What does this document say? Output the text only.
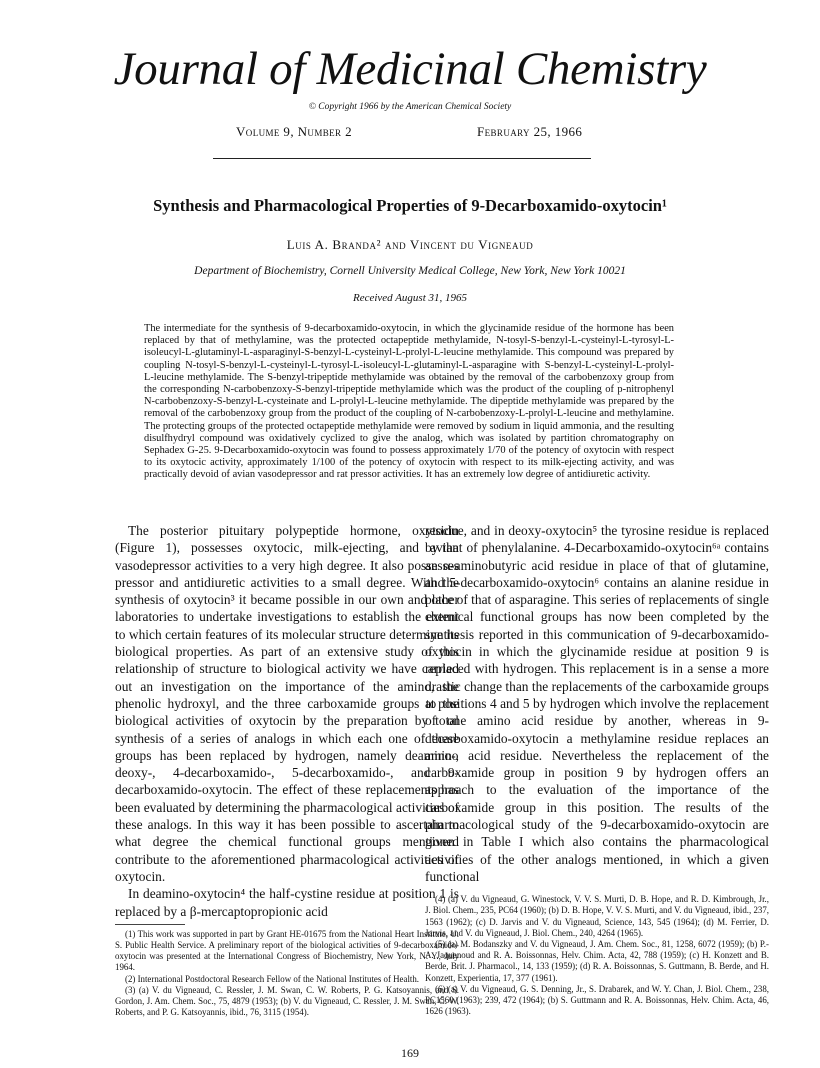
Journal of Medicinal Chemistry
© Copyright 1966 by the American Chemical Society
Volume 9, Number 2	February 25, 1966
Synthesis and Pharmacological Properties of 9-Decarboxamido-oxytocin¹
Luis A. Branda² and Vincent du Vigneaud
Department of Biochemistry, Cornell University Medical College, New York, New York 10021
Received August 31, 1965

The intermediate for the synthesis of 9-decarboxamido-oxytocin, in which the glycinamide residue of the hormone has been replaced by that of methylamine, was the protected octapeptide methylamide, N-tosyl-S-benzyl-L-cysteinyl-L-tyrosyl-L-isoleucyl-L-glutaminyl-L-asparaginyl-S-benzyl-L-cysteinyl-L-prolyl-L-leucine methylamide. This compound was prepared by coupling N-tosyl-S-benzyl-L-cysteinyl-L-tyrosyl-L-isoleucyl-L-glutaminyl-L-asparagine with S-benzyl-L-cysteinyl-L-prolyl-L-leucine methylamide. The S-benzyl-tripeptide methylamide was obtained by the removal of the carbobenzoxy group from the corresponding N-carbobenzoxy-S-benzyl-tripeptide methylamide which was the product of the coupling of p-nitrophenyl N-carbobenzoxy-S-benzyl-L-cysteinate and L-prolyl-L-leucine methylamide. The dipeptide methylamide was prepared by the removal of the carbobenzoxy group from the product of the coupling of N-carbobenzoxy-L-prolyl-L-leucine and methylamine. The protecting groups of the protected octapeptide methylamide were removed by sodium in liquid ammonia, and the resulting disulfhydryl compound was oxidatively cyclized to give the analog, which was isolated by partition chromatography on Sephadex G-25. 9-Decarboxamido-oxytocin was found to possess approximately 1/70 of the potency of oxytocin with respect to its oxytocic activity, approximately 1/100 of the potency of oxytocin with respect to its milk-ejecting activity, and was practically devoid of avian vasodepressor and rat pressor activities. It has an extremely low degree of antidiuretic activity.

The posterior pituitary polypeptide hormone, oxytocin (Figure 1), possesses oxytocic, milk-ejecting, and avian vasodepressor activities to a very high degree. It also possesses pressor and antidiuretic activities to a small degree. With the synthesis of oxytocin³ it became possible in our own and other laboratories to undertake investigations to establish the extent to which certain features of its molecular structure determine its biological properties. As part of an extensive study of this relationship of structure to biological activity we have carried out an investigation on the importance of the amino, the phenolic hydroxyl, and the three carboxamide groups to the biological activities of oxytocin by the preparation by total synthesis of a series of analogs in which each one of these groups has been replaced by hydrogen, namely deamino-, deoxy-, 4-decarboxamido-, 5-decarboxamido-, and 9-decarboxamido-oxytocin. The effect of these replacements has been evaluated by determining the pharmacological activities of these analogs. In this way it has been possible to ascertain to what degree the chemical functional groups mentioned contribute to the aforementioned pharmacological activities of oxytocin.

In deamino-oxytocin⁴ the half-cystine residue at position 1 is replaced by a β-mercaptopropionic acid

(1) This work was supported in part by Grant HE-01675 from the National Heart Institute, U. S. Public Health Service. A preliminary report of the biological activities of 9-decarboxamido-oxytocin was presented at the International Congress of Biochemistry, New York, N. Y., July 1964.

(2) International Postdoctoral Research Fellow of the National Institutes of Health.

(3) (a) V. du Vigneaud, C. Ressler, J. M. Swan, C. W. Roberts, P. G. Katsoyannis, and S. Gordon, J. Am. Chem. Soc., 75, 4879 (1953); (b) V. du Vigneaud, C. Ressler, J. M. Swan, C. W. Roberts, and P. G. Katsoyannis, ibid., 76, 3115 (1954).

residue, and in deoxy-oxytocin⁵ the tyrosine residue is replaced by that of phenylalanine. 4-Decarboxamido-oxytocin⁶ᵃ contains an α-aminobutyric acid residue in place of that of glutamine, and 5-decarboxamido-oxytocin⁶ contains an alanine residue in place of that of asparagine. This series of replacements of single chemical functional groups has now been completed by the synthesis reported in this communication of 9-decarboxamido-oxytocin in which the glycinamide residue at position 9 is replaced with hydrogen. This replacement is in a sense a more drastic change than the replacements of the carboxamide groups at positions 4 and 5 by hydrogen which involve the replacement of one amino acid residue by another, whereas in 9-decarboxamido-oxytocin a methylamine residue replaces an amino acid residue. Nevertheless the replacement of the carboxamide group in position 9 by hydrogen offers an approach to the evaluation of the importance of the carboxamide group in this position. The results of the pharmacological study of the 9-decarboxamido-oxytocin are given in Table I which also contains the pharmacological activities of the other analogs mentioned, in which a given functional

(4) (a) V. du Vigneaud, G. Winestock, V. V. S. Murti, D. B. Hope, and R. D. Kimbrough, Jr., J. Biol. Chem., 235, PC64 (1960); (b) D. B. Hope, V. V. S. Murti, and V. du Vigneaud, ibid., 237, 1563 (1962); (c) D. Jarvis and V. du Vigneaud, Science, 143, 545 (1964); (d) M. Ferrier, D. Jarvis, and V. du Vigneaud, J. Biol. Chem., 240, 4264 (1965).

(5) (a) M. Bodanszky and V. du Vigneaud, J. Am. Chem. Soc., 81, 1258, 6072 (1959); (b) P.-A. Jaquenoud and R. A. Boissonnas, Helv. Chim. Acta, 42, 788 (1959); (c) H. Konzett and B. Berde, Brit. J. Pharmacol., 14, 133 (1959); (d) R. A. Boissonnas, S. Guttmann, B. Berde, and H. Konzett, Experientia, 17, 377 (1961).

(6) (a) V. du Vigneaud, G. S. Denning, Jr., S. Drabarek, and W. Y. Chan, J. Biol. Chem., 238, PC1560 (1963); 239, 472 (1964); (b) S. Guttmann and R. A. Boissonnas, Helv. Chim. Acta, 46, 1626 (1963).

169
